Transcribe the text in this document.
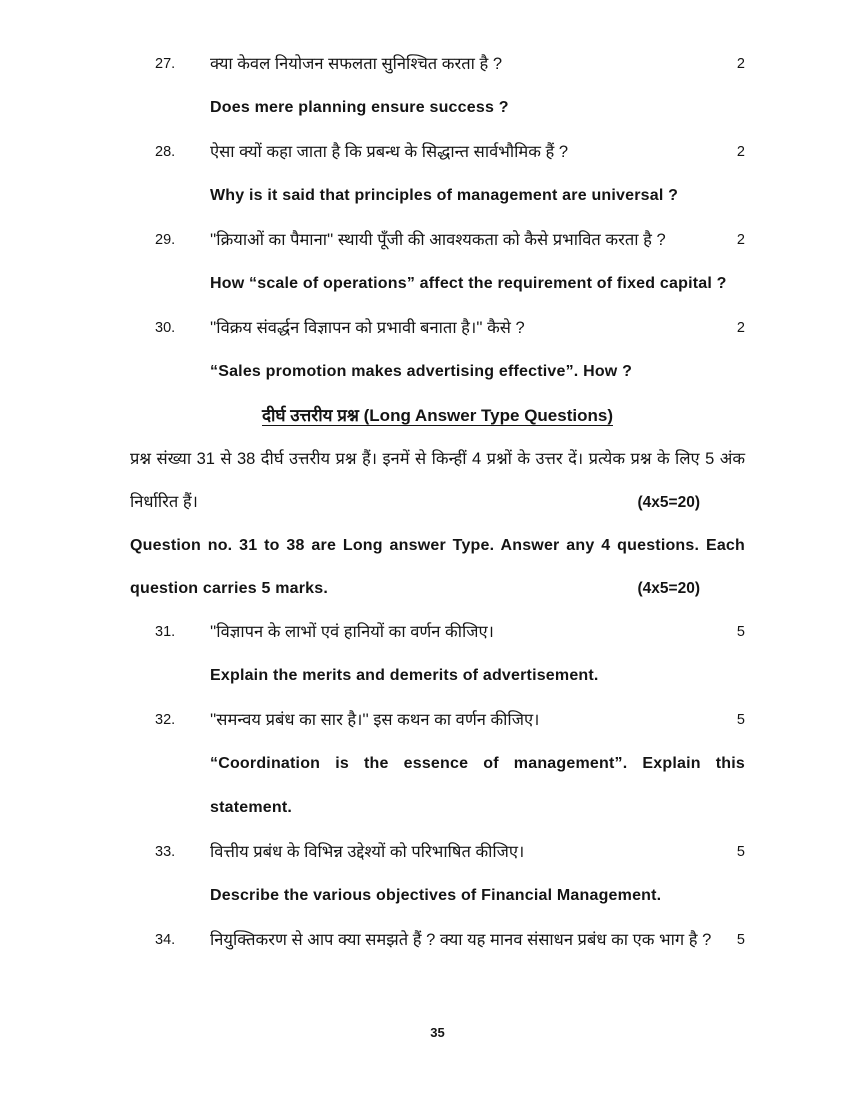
27.	क्या केवल नियोजन सफलता सुनिश्चित करता है ?	2
Does mere planning ensure success ?
28.	ऐसा क्यों कहा जाता है कि प्रबन्ध के सिद्धान्त सार्वभौमिक हैं ?	2
Why is it said that principles of management are universal ?
29.	''क्रियाओं का पैमाना'' स्थायी पूँजी की आवश्यकता को कैसे प्रभावित करता है ?	2
How “scale of operations” affect the requirement of fixed capital ?
30.	''विक्रय संवर्द्धन विज्ञापन को प्रभावी बनाता है।'' कैसे ?	2
“Sales promotion makes advertising effective”. How ?
दीर्घ उत्तरीय प्रश्न (Long Answer Type Questions)

प्रश्न संख्या 31 से 38 दीर्घ उत्तरीय प्रश्न हैं। इनमें से किन्हीं 4 प्रश्नों के उत्तर दें। प्रत्येक प्रश्न के लिए 5 अंक निर्धारित हैं।	(4x5=20)

Question no. 31 to 38 are Long answer Type. Answer any 4 questions. Each question carries 5 marks.	(4x5=20)

31.	''विज्ञापन के लाभों एवं हानियों का वर्णन कीजिए।	5
Explain the merits and demerits of advertisement.
32.	''समन्वय प्रबंध का सार है।'' इस कथन का वर्णन कीजिए।	5
“Coordination is the essence of management”. Explain this statement.
33.	वित्तीय प्रबंध के विभिन्न उद्देश्यों को परिभाषित कीजिए।	5
Describe the various objectives of Financial Management.
34.	नियुक्तिकरण से आप क्या समझते हैं ? क्या यह मानव संसाधन प्रबंध का एक भाग है ?	5
35
